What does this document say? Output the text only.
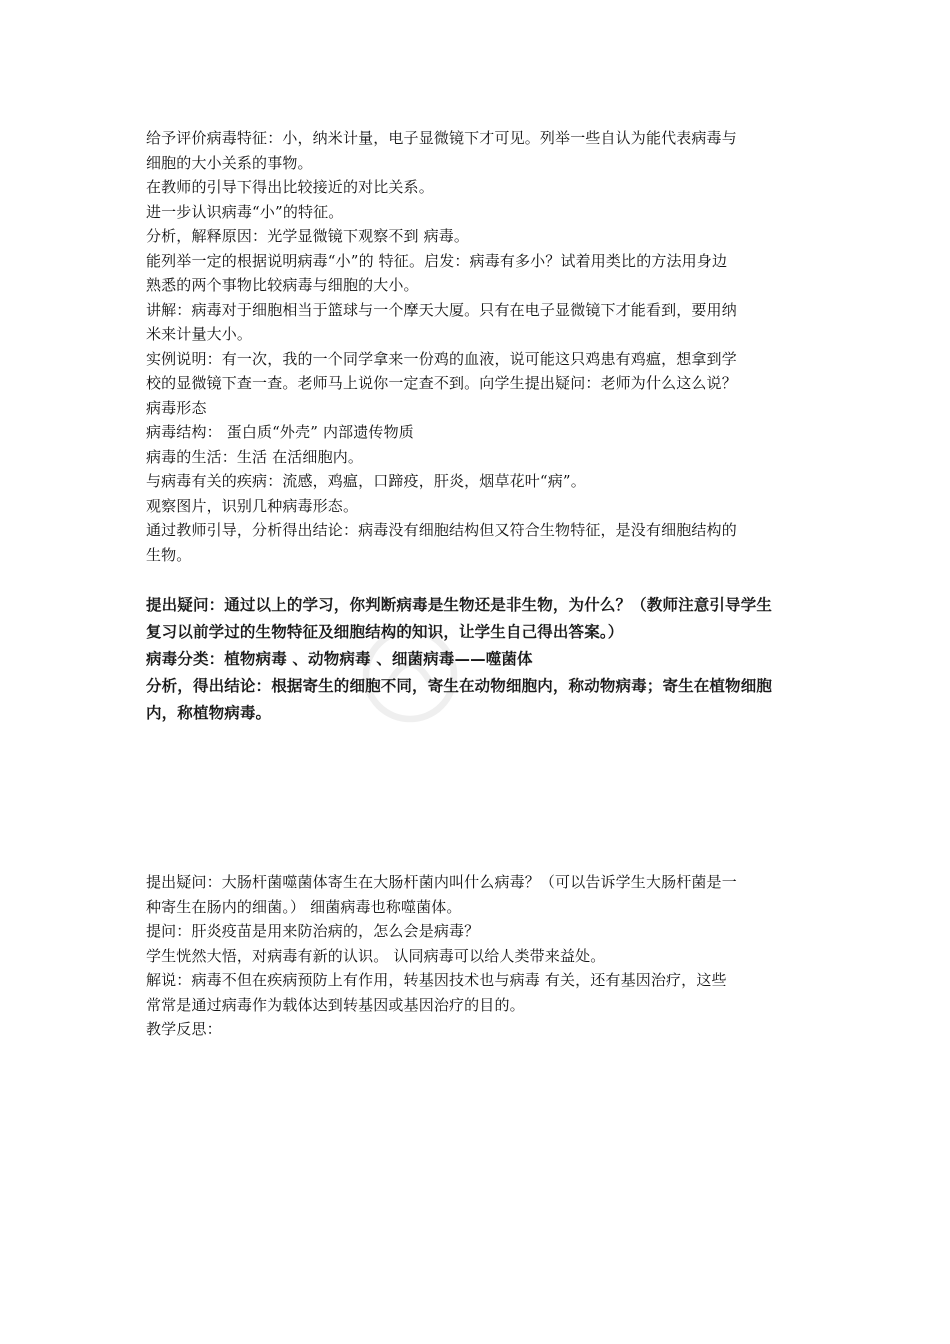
给予评价病毒特征：小，纳米计量，电子显微镜下才可见。列举一些自认为能代表病毒与
细胞的大小关系的事物。
在教师的引导下得出比较接近的对比关系。
进一步认识病毒“小”的特征。
分析，解释原因：光学显微镜下观察不到 病毒。
能列举一定的根据说明病毒“小”的 特征。启发：病毒有多小？试着用类比的方法用身边
熟悉的两个事物比较病毒与细胞的大小。
讲解：病毒对于细胞相当于篮球与一个摩天大厦。只有在电子显微镜下才能看到，要用纳
米来计量大小。
实例说明：有一次，我的一个同学拿来一份鸡的血液，说可能这只鸡患有鸡瘟，想拿到学
校的显微镜下查一查。老师马上说你一定查不到。向学生提出疑问：老师为什么这么说？
病毒形态
病毒结构： 蛋白质“外壳” 内部遗传物质
病毒的生活：生活 在活细胞内。
与病毒有关的疾病：流感，鸡瘟，口蹄疫，肝炎，烟草花叶“病”。
观察图片，识别几种病毒形态。
通过教师引导，分析得出结论：病毒没有细胞结构但又符合生物特征，是没有细胞结构的
生物。
提出疑问：通过以上的学习，你判断病毒是生物还是非生物，为什么？（教师注意引导学生
复习以前学过的生物特征及细胞结构的知识，让学生自己得出答案。）
病毒分类：植物病毒 、动物病毒 、细菌病毒——噬菌体
分析，得出结论：根据寄生的细胞不同，寄生在动物细胞内，称动物病毒；寄生在植物细胞
内，称植物病毒。
提出疑问：大肠杆菌噬菌体寄生在大肠杆菌内叫什么病毒？（可以告诉学生大肠杆菌是一
种寄生在肠内的细菌。） 细菌病毒也称噬菌体。
提问：肝炎疫苗是用来防治病的，怎么会是病毒？
学生恍然大悟，对病毒有新的认识。 认同病毒可以给人类带来益处。
解说：病毒不但在疾病预防上有作用，转基因技术也与病毒 有关，还有基因治疗，这些
常常是通过病毒作为载体达到转基因或基因治疗的目的。
教学反思：
